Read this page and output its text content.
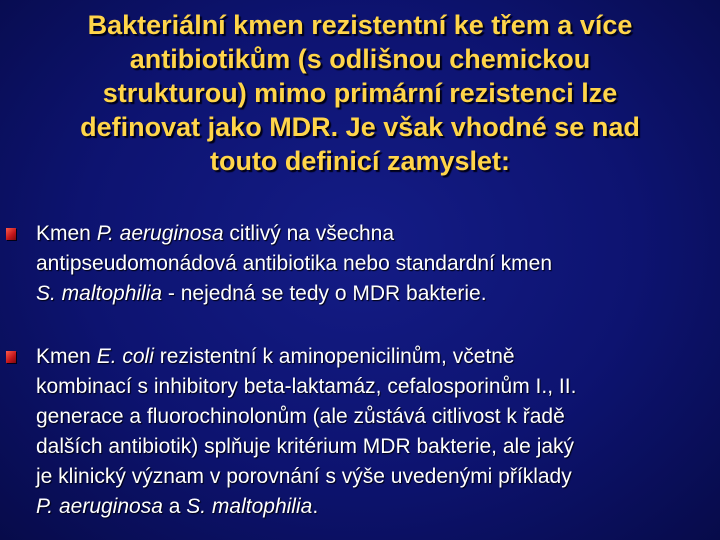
Bakteriální kmen rezistentní ke třem a více
antibiotikům (s odlišnou chemickou
strukturou) mimo primární rezistenci lze
definovat jako MDR. Je však vhodné se nad
touto definicí zamyslet:
Kmen P. aeruginosa citlivý na všechna
antipseudomonádová antibiotika nebo standardní kmen
S. maltophilia - nejedná se tedy o MDR bakterie.
Kmen E. coli rezistentní k aminopenicilinům, včetně
kombinací s inhibitory beta-laktamáz, cefalosporinům I., II.
generace a fluorochinolonům (ale zůstává citlivost k řadě
dalších antibiotik) splňuje kritérium MDR bakterie, ale jaký
je klinický význam v porovnání s výše uvedenými příklady
P. aeruginosa a S. maltophilia.
